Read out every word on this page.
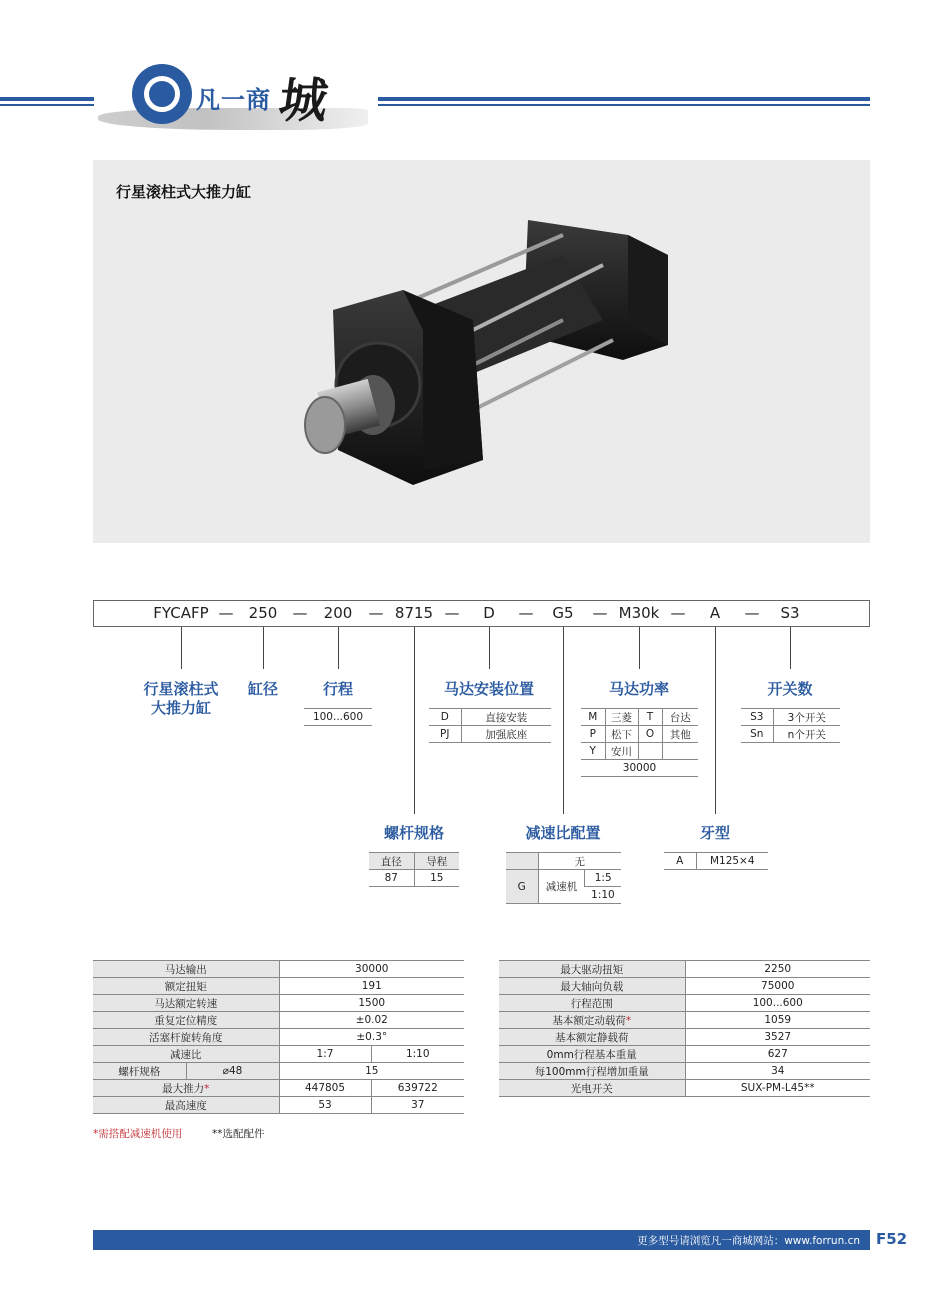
凡一商 城
行星滚柱式大推力缸
FYCAFP — 250 — 200 — 8715 — D — G5 — M30k — A — S3
行星滚柱式
大推力缸
缸径	行程	马达安装位置	马达功率	开关数
螺杆规格	减速比配置	牙型
100...600	D	直接安装
PJ	加强底座
M	三菱	T	台达
P	松下	O	其他
Y	安川		
30000			
S3	3个开关
Sn	n个开关
直径	导程
87	15
	无	
G	减速机	1:5
		1:10
A	M125×4
马达输出		30000	
额定扭矩		191	
马达额定转速		1500	
重复定位精度		±0.02	
活塞杆旋转角度		±0.3°	
减速比		1:7	1:10
螺杆规格	⌀48	15	
最大推力*		447805	639722
最高速度		53	37
最大驱动扭矩	2250
最大轴向负载	75000
行程范围	100...600
基本额定动载荷*	1059
基本额定静载荷	3527
0mm行程基本重量	627
每100mm行程增加重量	34
光电开关	SUX-PM-L45**
*需搭配减速机使用	**选配配件
更多型号请浏览凡一商城网站：www.forrun.cn F52
